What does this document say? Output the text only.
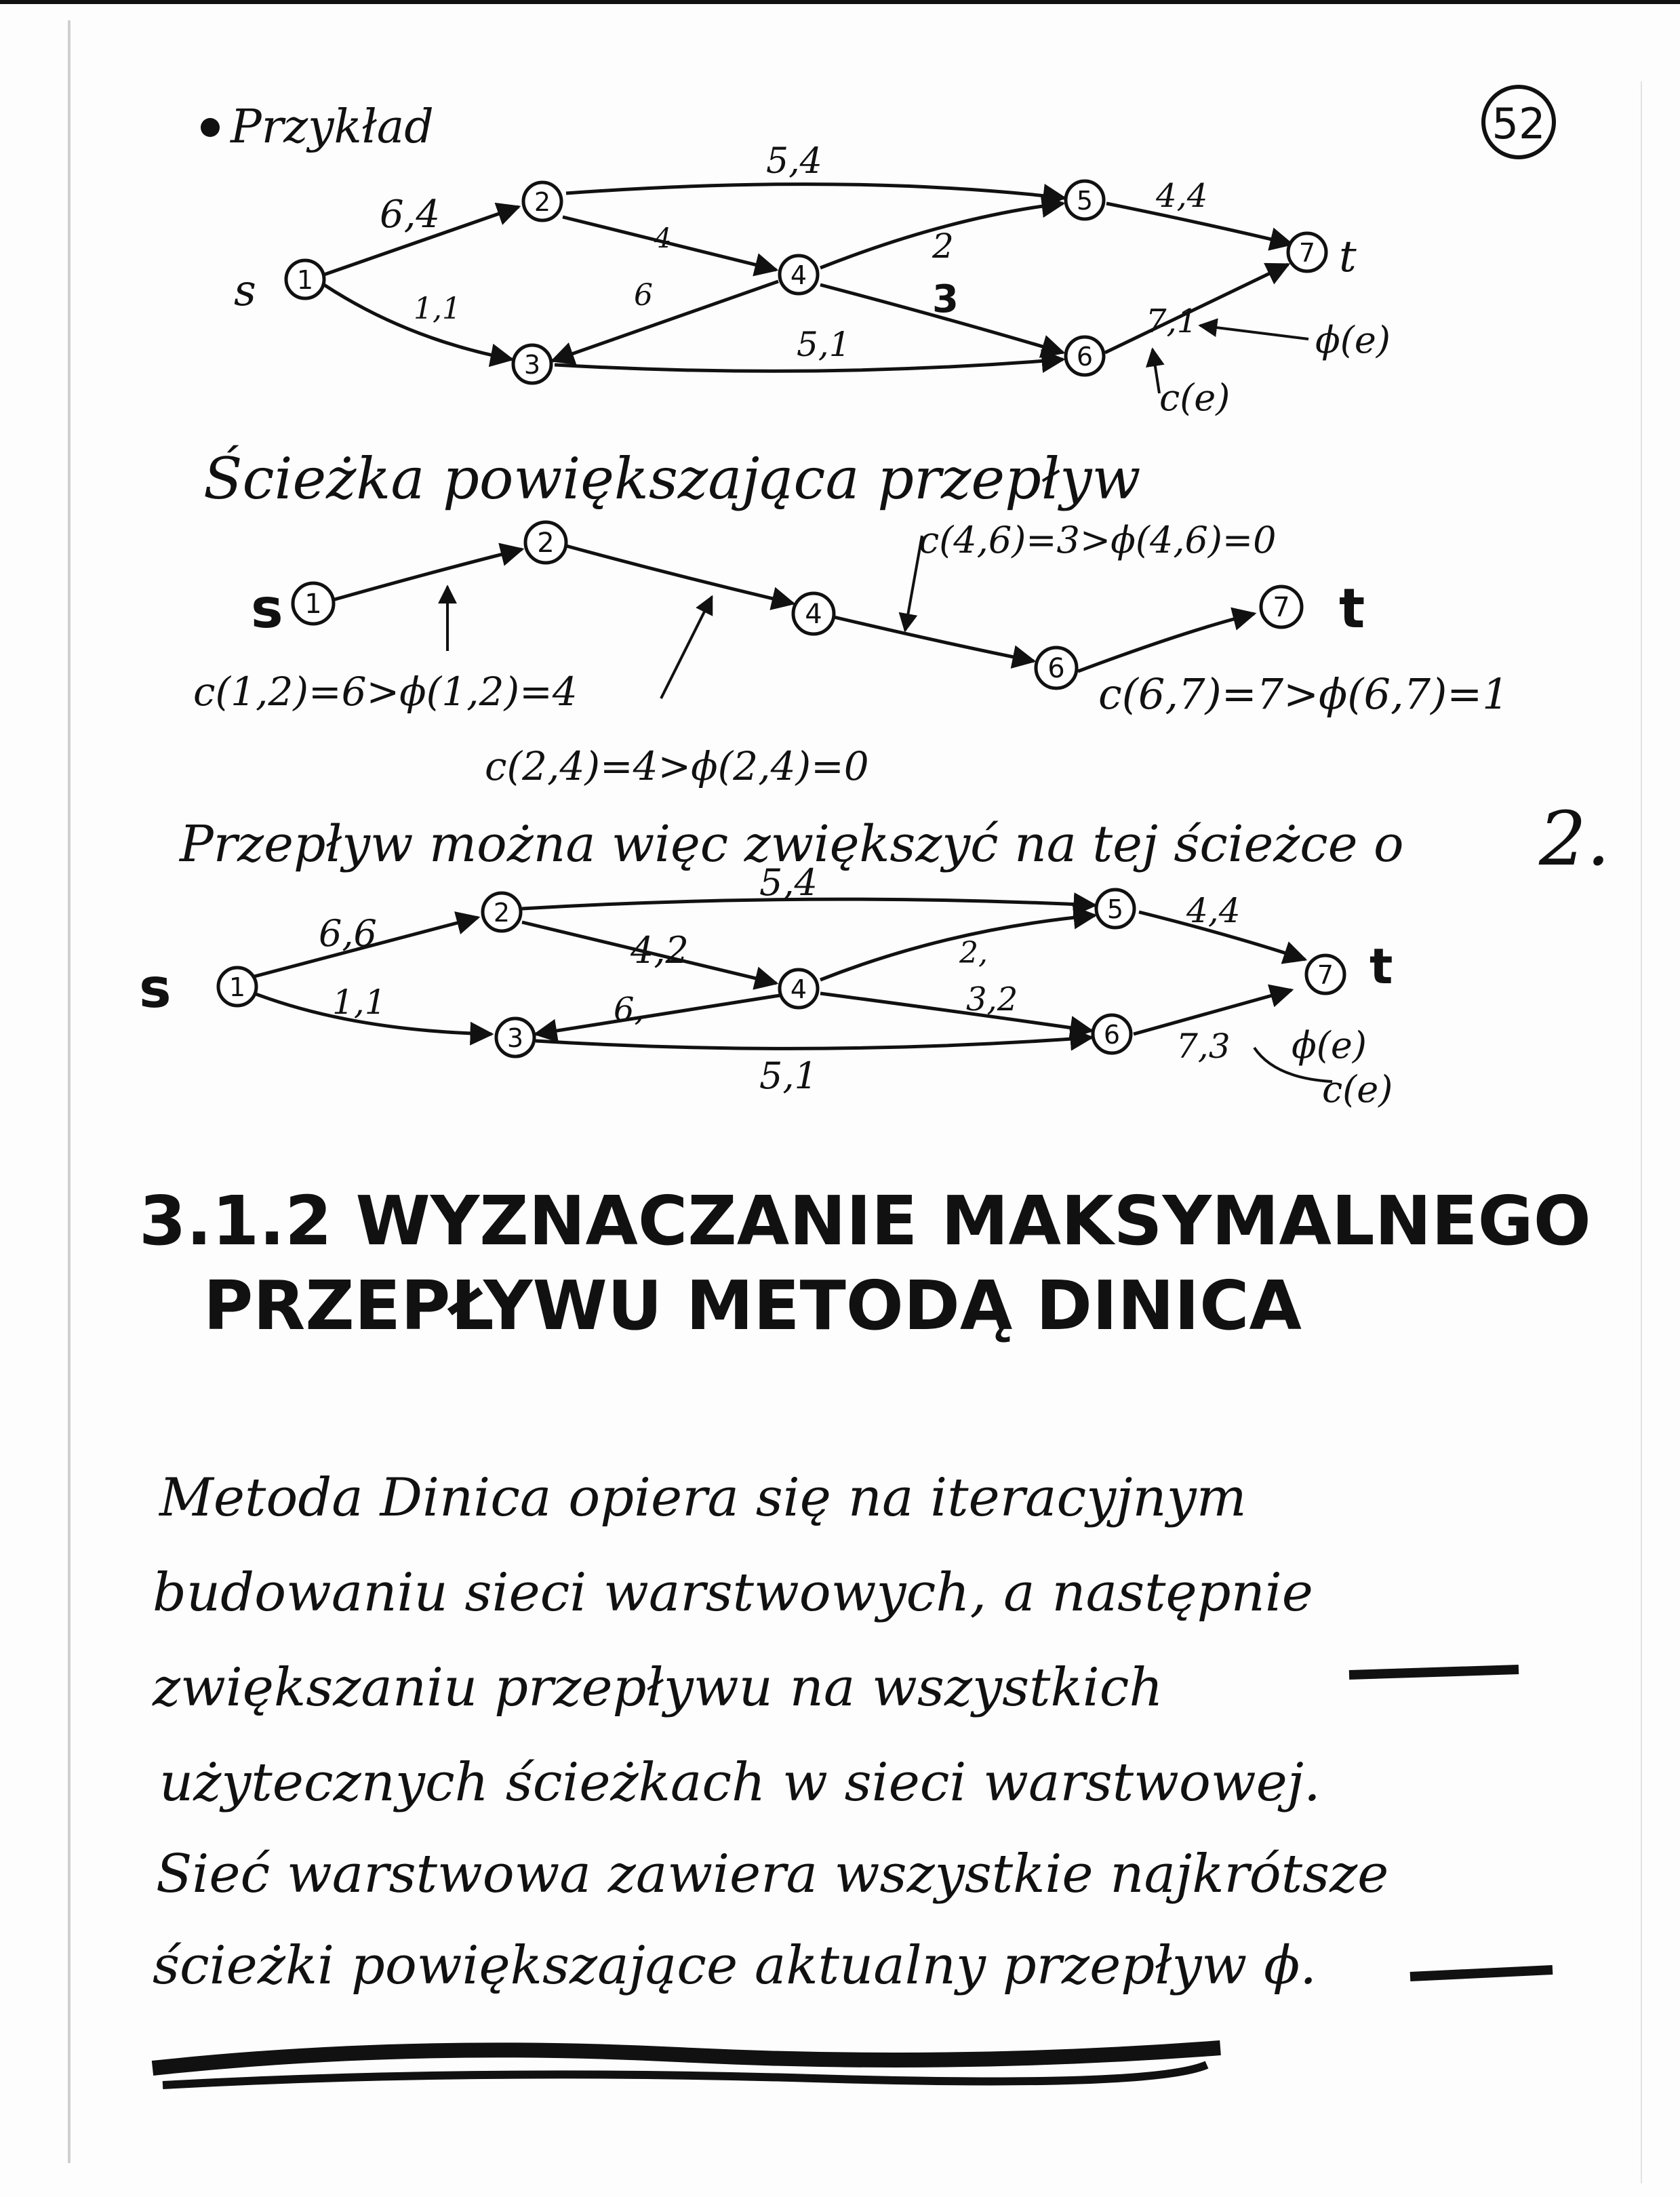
Przykład	52
s
t
1
2
3
4
5
6
7
6,4
1,1
5,4
4
6
2
3
5,1
4,4
7,1	ϕ(e)
c(e)
Ścieżka powiększająca przepływ
s	t
1
2
4
6
7
c(1,2)=6>ϕ(1,2)=4
c(2,4)=4>ϕ(2,4)=0
c(4,6)=3>ϕ(4,6)=0
c(6,7)=7>ϕ(6,7)=1
Przepływ można więc zwiększyć na tej ścieżce o 2.
s	t
1
2
3
4
5
6
7
6,6
1,1
5,4
4,2
6,
2,
3,2
5,1
4,4
7,3 ϕ(e)
c(e)
3.1.2 WYZNACZANIE MAKSYMALNEGO
PRZEPŁYWU METODĄ DINICA
Metoda Dinica opiera się na iteracyjnym
budowaniu sieci warstwowych, a następnie
zwiększaniu przepływu na wszystkich
użytecznych ścieżkach w sieci warstwowej.
Sieć warstwowa zawiera wszystkie najkrótsze
ścieżki powiększające aktualny przepływ ϕ.
